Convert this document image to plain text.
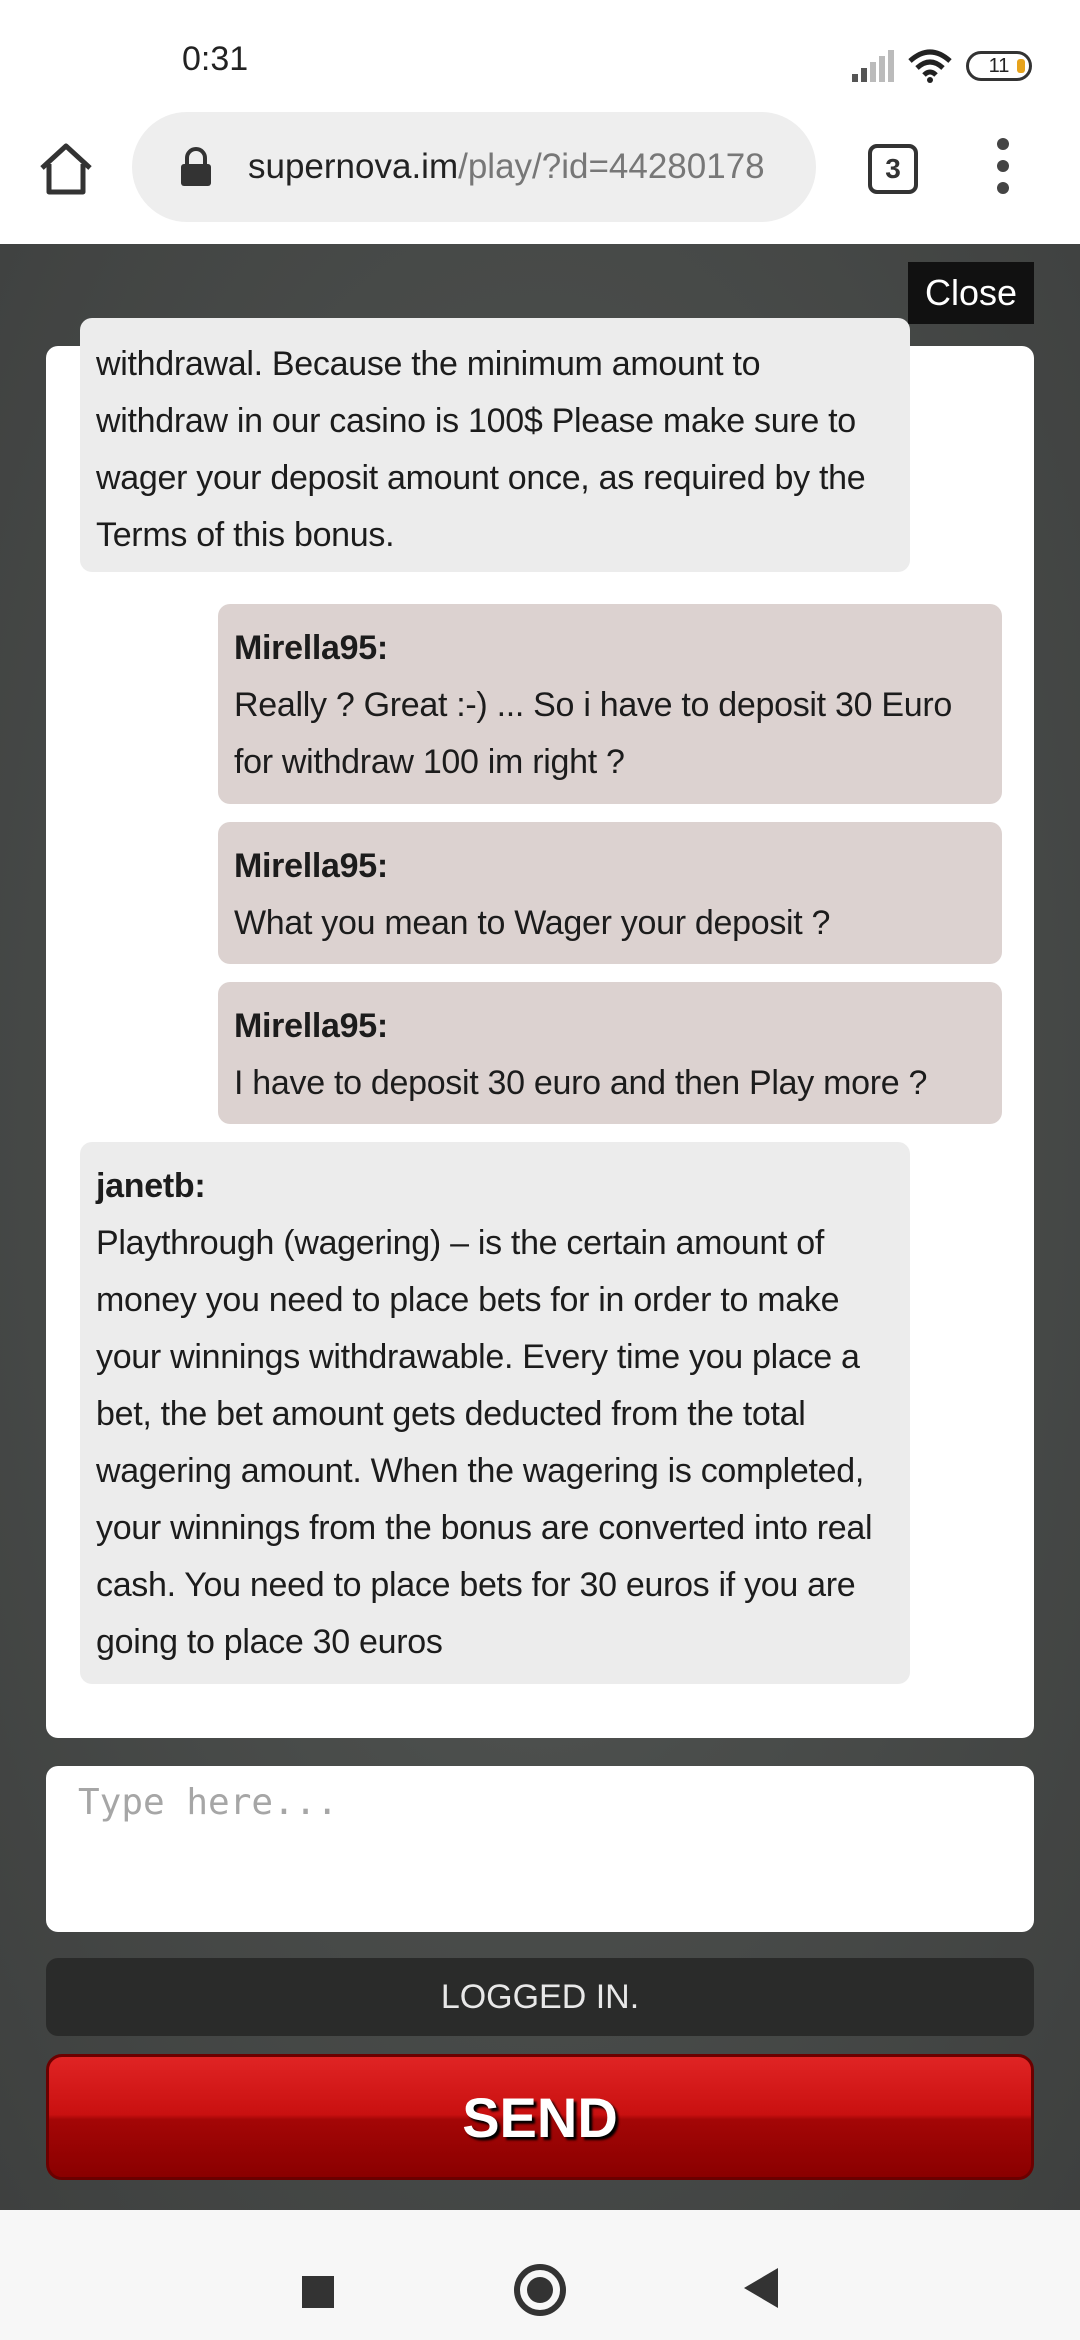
0:31	11
supernova.im/play/?id=44280178	3
Close
withdrawal. Because the minimum amount to withdraw in our casino is 100$ Please make sure to wager your deposit amount once, as required by the Terms of this bonus.
Mirella95:
Really ? Great :-) ... So i have to deposit 30 Euro for withdraw 100 im right ?
Mirella95:
What you mean to Wager your deposit ?
Mirella95:
I have to deposit 30 euro and then Play more ?
janetb:
Playthrough (wagering) – is the certain amount of money you need to place bets for in order to make your winnings withdrawable. Every time you place a bet, the bet amount gets deducted from the total wagering amount. When the wagering is completed, your winnings from the bonus are converted into real cash. You need to place bets for 30 euros if you are going to place 30 euros
Type here...
LOGGED IN.
SEND
